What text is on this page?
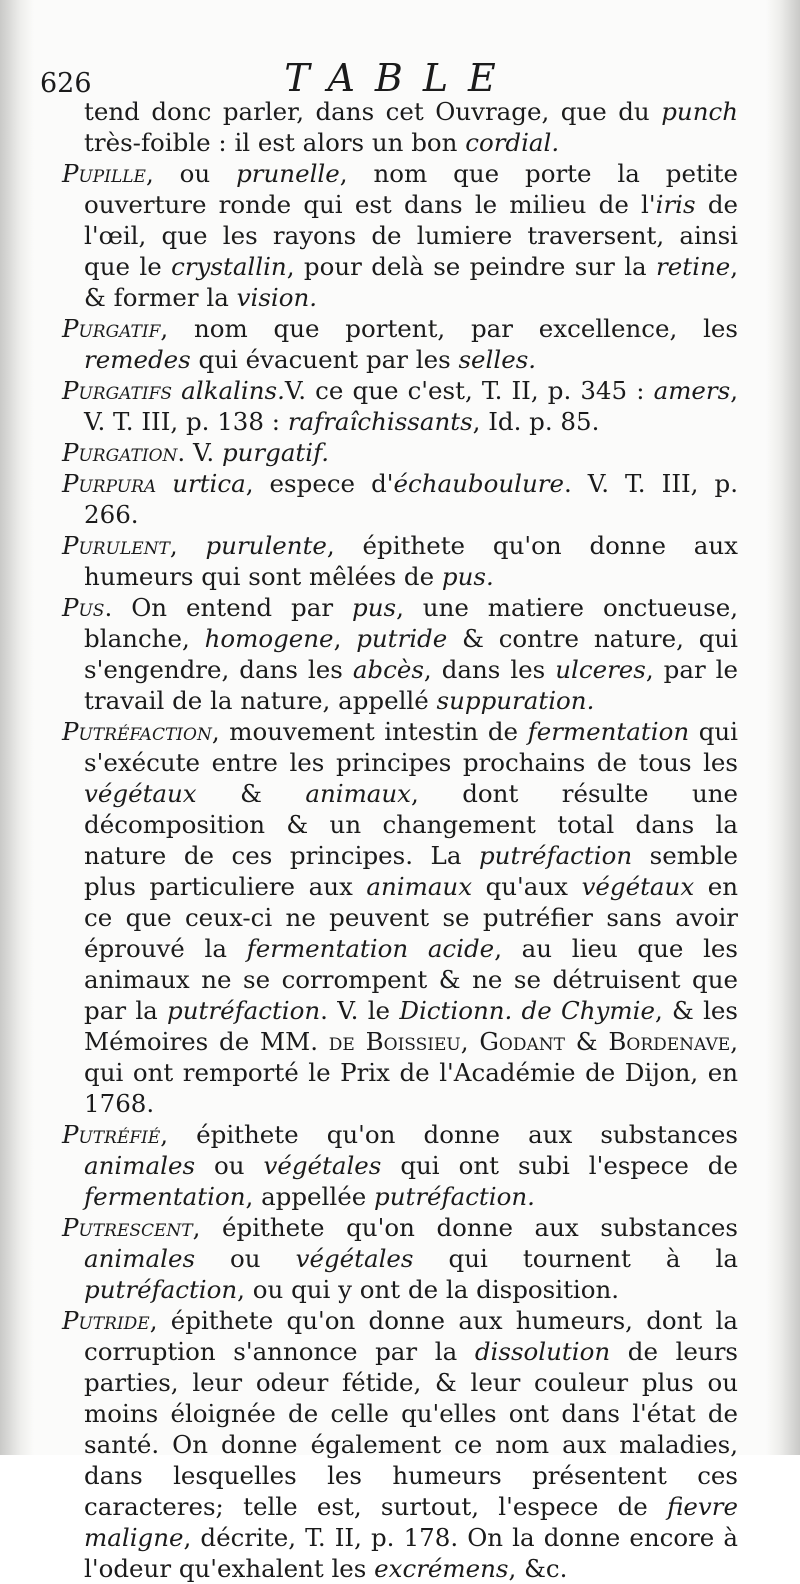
626	TABLE

tend donc parler, dans cet Ouvrage, que du punch très-foible : il est alors un bon cordial.

Pupille, ou prunelle, nom que porte la petite ouverture ronde qui est dans le milieu de l'iris de l'œil, que les rayons de lumiere traversent, ainsi que le crystallin, pour delà se peindre sur la retine, & former la vision.

Purgatif, nom que portent, par excellence, les remedes qui évacuent par les selles.

Purgatifs alkalins.V. ce que c'est, T. II, p. 345 : amers, V. T. III, p. 138 : rafraîchissants, Id. p. 85.

Purgation. V. purgatif.

Purpura urtica, espece d'échauboulure. V. T. III, p. 266.

Purulent, purulente, épithete qu'on donne aux humeurs qui sont mêlées de pus.

Pus. On entend par pus, une matiere onctueuse, blanche, homogene, putride & contre nature, qui s'engendre, dans les abcès, dans les ulceres, par le travail de la nature, appellé suppuration.

Putréfaction, mouvement intestin de fermentation qui s'exécute entre les principes prochains de tous les végétaux & animaux, dont résulte une décomposition & un changement total dans la nature de ces principes. La putréfaction semble plus particuliere aux animaux qu'aux végétaux en ce que ceux-ci ne peuvent se putréfier sans avoir éprouvé la fermentation acide, au lieu que les animaux ne se corrompent & ne se détruisent que par la putréfaction. V. le Dictionn. de Chymie, & les Mémoires de MM. de Boissieu, Godant & Bordenave, qui ont remporté le Prix de l'Académie de Dijon, en 1768.

Putréfié, épithete qu'on donne aux substances animales ou végétales qui ont subi l'espece de fermentation, appellée putréfaction.

Putrescent, épithete qu'on donne aux substances animales ou végétales qui tournent à la putréfaction, ou qui y ont de la disposition.

Putride, épithete qu'on donne aux humeurs, dont la corruption s'annonce par la dissolution de leurs parties, leur odeur fétide, & leur couleur plus ou moins éloignée de celle qu'elles ont dans l'état de santé. On donne également ce nom aux maladies, dans lesquelles les humeurs présentent ces caracteres; telle est, surtout, l'espece de fievre maligne, décrite, T. II, p. 178. On la donne encore à l'odeur qu'exhalent les excrémens, &c.
